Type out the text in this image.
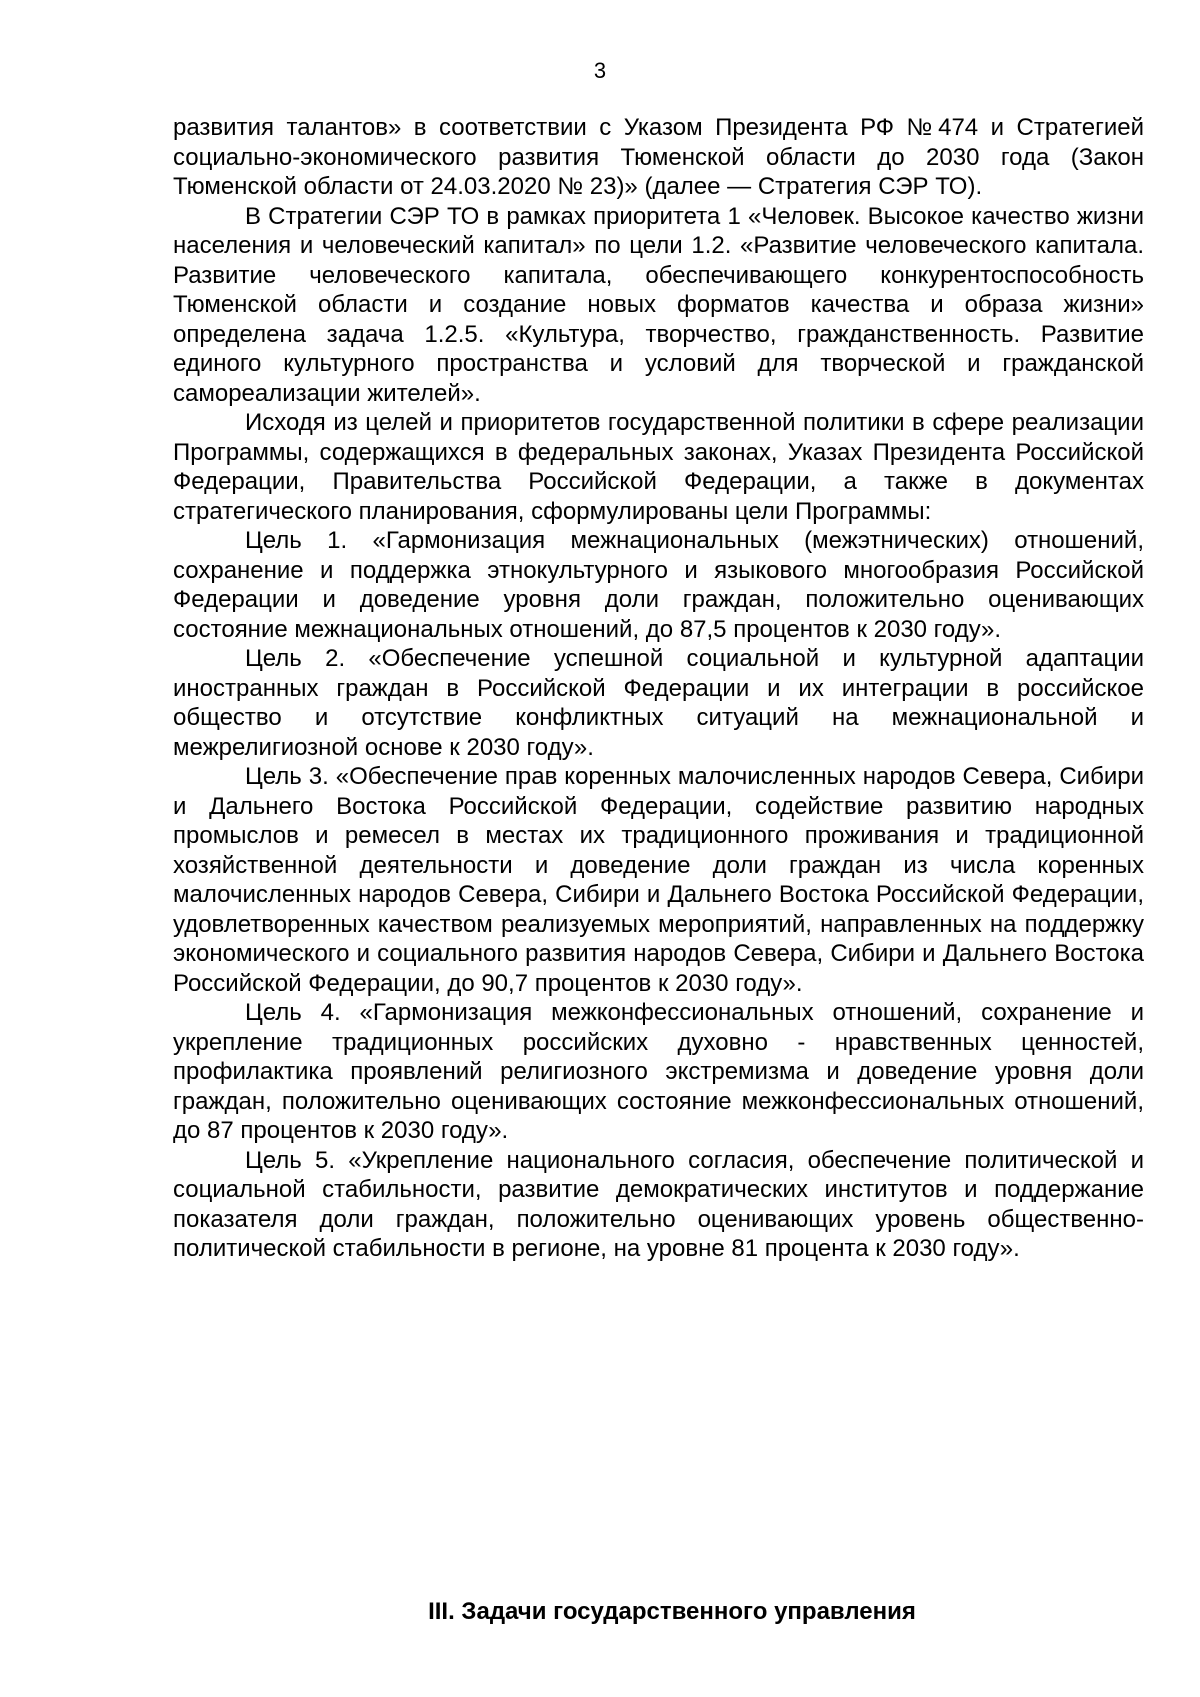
3

развития талантов» в соответствии с Указом Президента РФ №474 и Стратегией социально-экономического развития Тюменской области до 2030 года (Закон Тюменской области от 24.03.2020 № 23)» (далее — Стратегия СЭР ТО).

В Стратегии СЭР ТО в рамках приоритета 1 «Человек. Высокое качество жизни населения и человеческий капитал» по цели 1.2. «Развитие человеческого капитала. Развитие человеческого капитала, обеспечивающего конкурентоспособность Тюменской области и создание новых форматов качества и образа жизни» определена задача 1.2.5. «Культура, творчество, гражданственность. Развитие единого культурного пространства и условий для творческой и гражданской самореализации жителей».

Исходя из целей и приоритетов государственной политики в сфере реализации Программы, содержащихся в федеральных законах, Указах Президента Российской Федерации, Правительства Российской Федерации, а также в документах стратегического планирования, сформулированы цели Программы:

Цель 1. «Гармонизация межнациональных (межэтнических) отношений, сохранение и поддержка этнокультурного и языкового многообразия Российской Федерации и доведение уровня доли граждан, положительно оценивающих состояние межнациональных отношений, до 87,5 процентов к 2030 году».

Цель 2. «Обеспечение успешной социальной и культурной адаптации иностранных граждан в Российской Федерации и их интеграции в российское общество и отсутствие конфликтных ситуаций на межнациональной и межрелигиозной основе к 2030 году».

Цель 3. «Обеспечение прав коренных малочисленных народов Севера, Сибири и Дальнего Востока Российской Федерации, содействие развитию народных промыслов и ремесел в местах их традиционного проживания и традиционной хозяйственной деятельности и доведение доли граждан из числа коренных малочисленных народов Севера, Сибири и Дальнего Востока Российской Федерации, удовлетворенных качеством реализуемых мероприятий, направленных на поддержку экономического и социального развития народов Севера, Сибири и Дальнего Востока Российской Федерации, до 90,7 процентов к 2030 году».

Цель 4. «Гармонизация межконфессиональных отношений, сохранение и укрепление традиционных российских духовно - нравственных ценностей, профилактика проявлений религиозного экстремизма и доведение уровня доли граждан, положительно оценивающих состояние межконфессиональных отношений, до 87 процентов к 2030 году».

Цель 5. «Укрепление национального согласия, обеспечение политической и социальной стабильности, развитие демократических институтов и поддержание показателя доли граждан, положительно оценивающих уровень общественно-политической стабильности в регионе, на уровне 81 процента к 2030 году».

III. Задачи государственного управления
